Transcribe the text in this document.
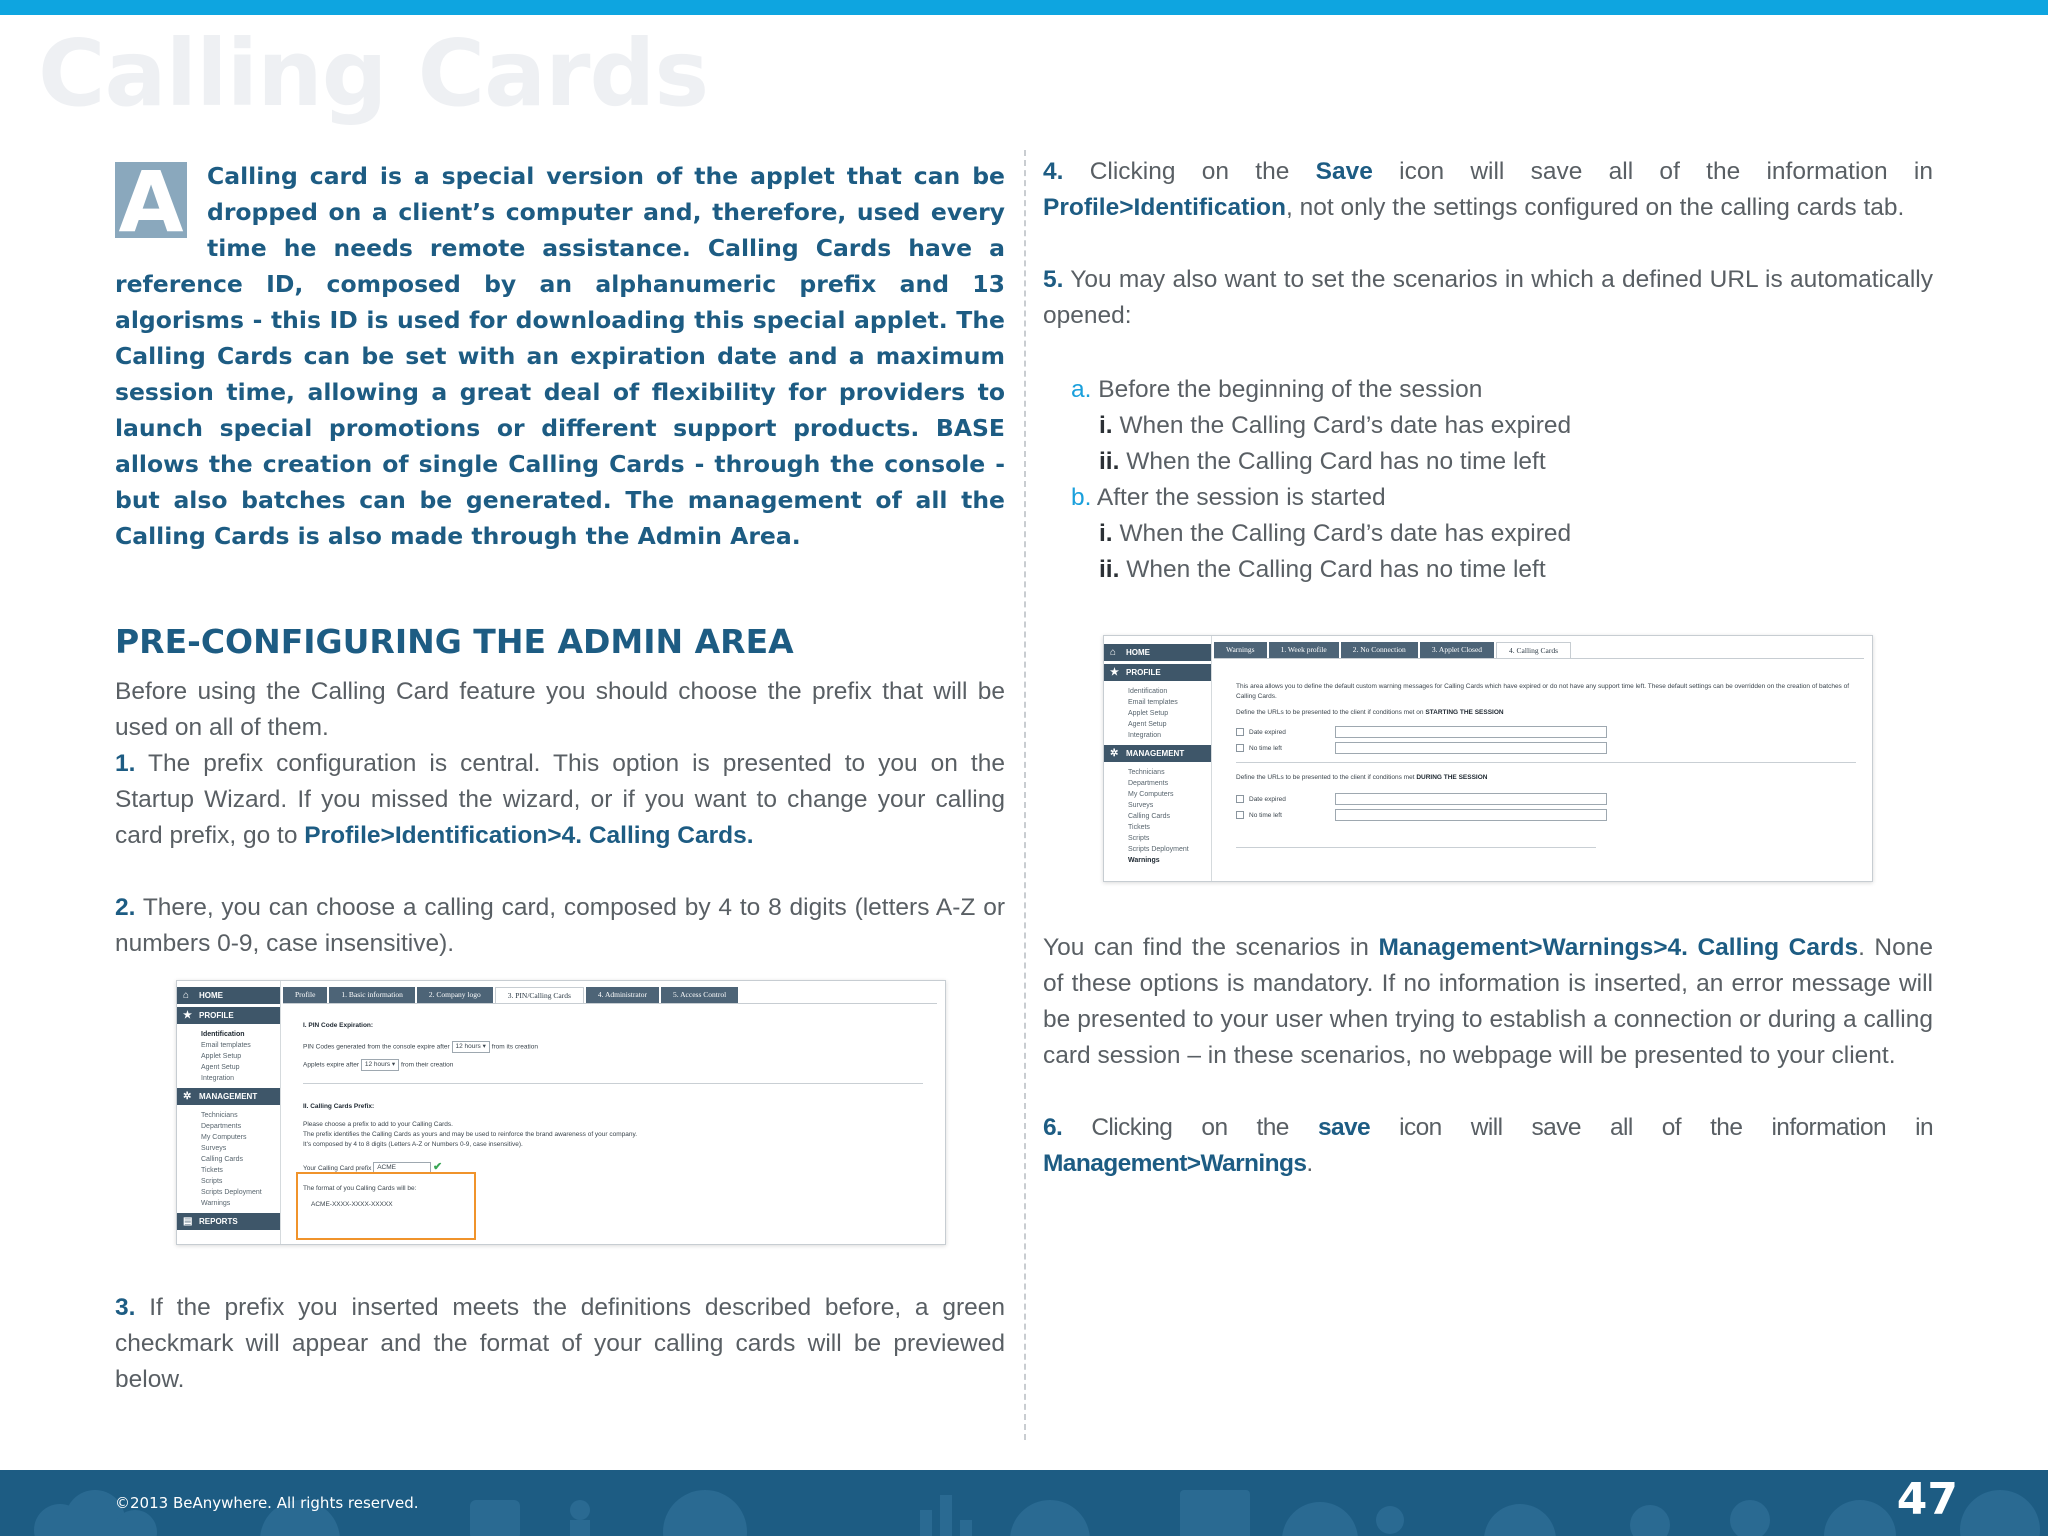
Calling Cards
A Calling card is a special version of the applet that can be dropped on a client’s computer and, therefore, used every time he needs remote assistance. Calling Cards have a reference ID, composed by an alphanumeric prefix and 13 algorisms - this ID is used for downloading this special applet. The Calling Cards can be set with an expiration date and a maximum session time, allowing a great deal of flexibility for providers to launch special promotions or different support products. BASE allows the creation of single Calling Cards - through the console - but also batches can be generated. The management of all the Calling Cards is also made through the Admin Area.
PRE-CONFIGURING THE ADMIN AREA
Before using the Calling Card feature you should choose the prefix that will be used on all of them.
1. The prefix configuration is central. This option is presented to you on the Startup Wizard. If you missed the wizard, or if you want to change your calling card prefix, go to Profile>Identification>4. Calling Cards.
2. There, you can choose a calling card, composed by 4 to 8 digits (letters A-Z or numbers 0-9, case insensitive).
3. If the prefix you inserted meets the definitions described before, a green checkmark will appear and the format of your calling cards will be previewed below.
⌂ HOME
★ PROFILE
Identification
Email templates
Applet Setup
Agent Setup
Integration
✲ MANAGEMENT
Technicians
Departments
My Computers
Surveys
Calling Cards
Tickets
Scripts
Scripts Deployment
Warnings
▤ REPORTS
Profile	1. Basic information	2. Company logo	3. PIN/Calling Cards	4. Administrator	5. Access Control
I. PIN Code Expiration:
PIN Codes generated from the console expire after 12 hours ▾ from its creation
Applets expire after 12 hours ▾ from their creation
II. Calling Cards Prefix:
Please choose a prefix to add to your Calling Cards.
The prefix identifies the Calling Cards as yours and may be used to reinforce the brand awareness of your company.
It's composed by 4 to 8 digits (Letters A-Z or Numbers 0-9, case insensitive).
Your Calling Card prefix ACME	✔
The format of you Calling Cards will be:
ACME-XXXX-XXXX-XXXXX
4. Clicking on the Save icon will save all of the information in Profile>Identification, not only the settings configured on the calling cards tab.
5. You may also want to set the scenarios in which a defined URL is automatically opened:
a. Before the beginning of the session
i. When the Calling Card’s date has expired
ii. When the Calling Card has no time left
b. After the session is started
i. When the Calling Card’s date has expired
ii. When the Calling Card has no time left
You can find the scenarios in Management>Warnings>4. Calling Cards. None of these options is mandatory. If no information is inserted, an error message will be presented to your user when trying to establish a connection or during a calling card session – in these scenarios, no webpage will be presented to your client.
6. Clicking on the save icon will save all of the information in Management>Warnings.
⌂ HOME
★ PROFILE
Identification
Email templates
Applet Setup
Agent Setup
Integration
✲ MANAGEMENT
Technicians
Departments
My Computers
Surveys
Calling Cards
Tickets
Scripts
Scripts Deployment
Warnings
Warnings	1. Week profile	2. No Connection	3. Applet Closed	4. Calling Cards
This area allows you to define the default custom warning messages for Calling Cards which have expired or do not have any support time left. These default settings can be overridden on the creation of batches of Calling Cards.
Define the URLs to be presented to the client if conditions met on STARTING THE SESSION
Date expired
No time left
Define the URLs to be presented to the client if conditions met DURING THE SESSION
Date expired
No time left
©2013 BeAnywhere. All rights reserved.	47
